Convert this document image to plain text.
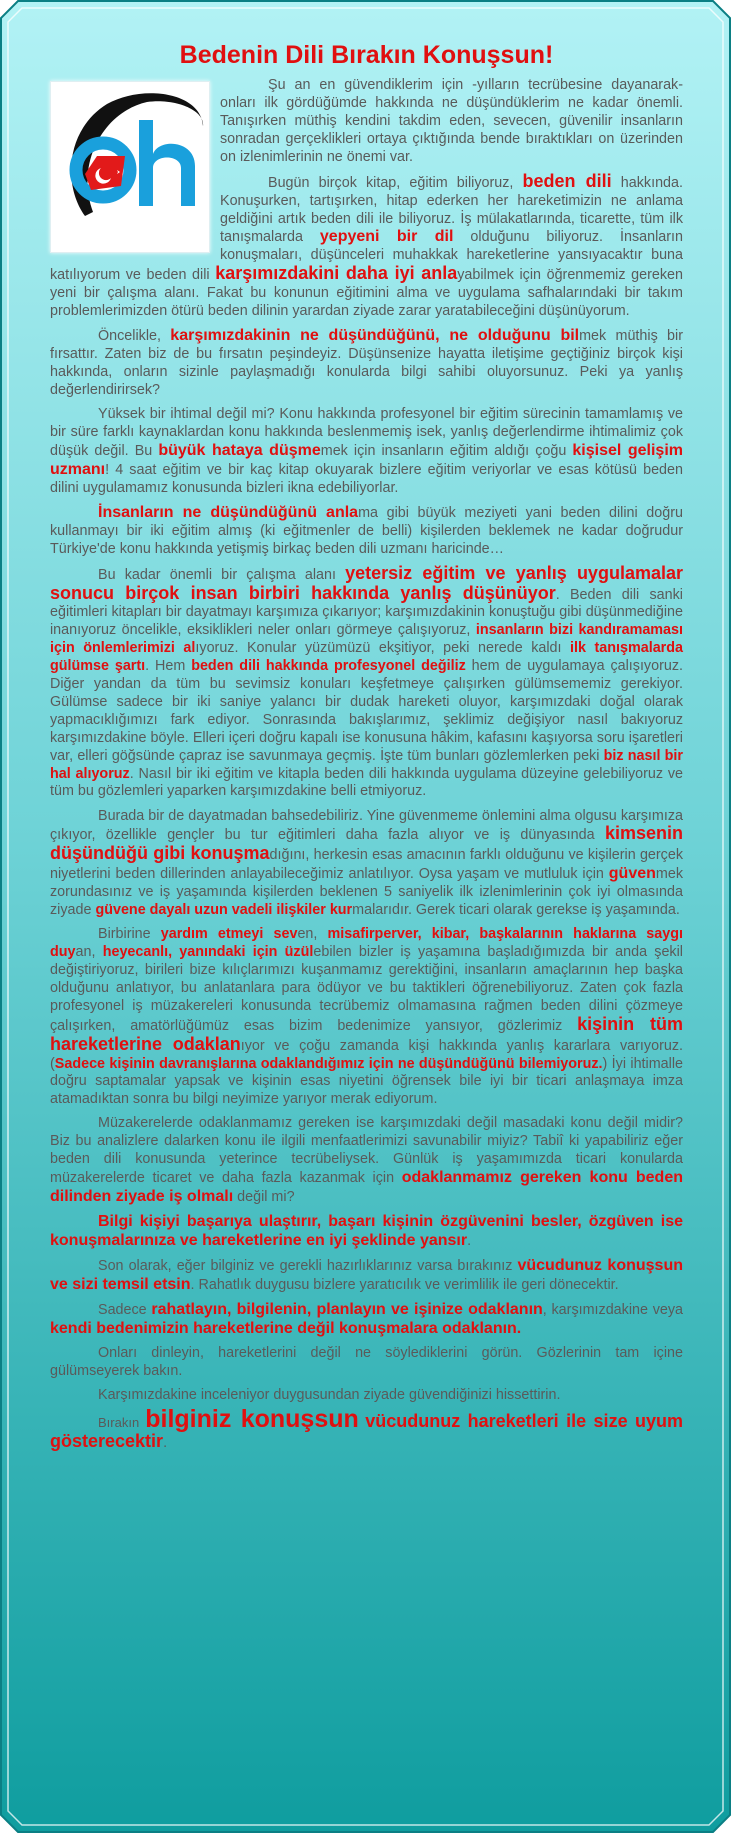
Bedenin Dili Bırakın Konuşsun!

Şu an en güvendiklerim için -yılların tecrübesine dayanarak- onları ilk gördüğümde hakkında ne düşündüklerim ne kadar önemli. Tanışırken müthiş kendini takdim eden, sevecen, güvenilir insanların sonradan gerçeklikleri ortaya çıktığında bende bıraktıkları on üzerinden on izlenimlerinin ne önemi var.

Bugün birçok kitap, eğitim biliyoruz, beden dili hakkında. Konuşurken, tartışırken, hitap ederken her hareketimizin ne anlama geldiğini artık beden dili ile biliyoruz. İş mülakatlarında, ticarette, tüm ilk tanışmalarda yepyeni bir dil olduğunu biliyoruz. İnsanların konuşmaları, düşünceleri muhakkak hareketlerine yansıyacaktır buna katılıyorum ve beden dili karşımızdakini daha iyi anlayabilmek için öğrenmemiz gereken yeni bir çalışma alanı. Fakat bu konunun eğitimini alma ve uygulama safhalarındaki bir takım problemlerimizden ötürü beden dilinin yarardan ziyade zarar yaratabileceğini düşünüyorum.

Öncelikle, karşımızdakinin ne düşündüğünü, ne olduğunu bilmek müthiş bir fırsattır. Zaten biz de bu fırsatın peşindeyiz. Düşünsenize hayatta iletişime geçtiğiniz birçok kişi hakkında, onların sizinle paylaşmadığı konularda bilgi sahibi oluyorsunuz. Peki ya yanlış değerlendirirsek?

Yüksek bir ihtimal değil mi? Konu hakkında profesyonel bir eğitim sürecinin tamamlamış ve bir süre farklı kaynaklardan konu hakkında beslenmemiş isek, yanlış değerlendirme ihtimalimiz çok düşük değil. Bu büyük hataya düşmemek için insanların eğitim aldığı çoğu kişisel gelişim uzmanı! 4 saat eğitim ve bir kaç kitap okuyarak bizlere eğitim veriyorlar ve esas kötüsü beden dilini uygulamamız konusunda bizleri ikna edebiliyorlar.

İnsanların ne düşündüğünü anlama gibi büyük meziyeti yani beden dilini doğru kullanmayı bir iki eğitim almış (ki eğitmenler de belli) kişilerden beklemek ne kadar doğrudur Türkiye'de konu hakkında yetişmiş birkaç beden dili uzmanı haricinde…

Bu kadar önemli bir çalışma alanı yetersiz eğitim ve yanlış uygulamalar sonucu birçok insan birbiri hakkında yanlış düşünüyor. Beden dili sanki eğitimleri kitapları bir dayatmayı karşımıza çıkarıyor; karşımızdakinin konuştuğu gibi düşünmediğine inanıyoruz öncelikle, eksiklikleri neler onları görmeye çalışıyoruz, insanların bizi kandıramaması için önlemlerimizi alıyoruz. Konular yüzümüzü ekşitiyor, peki nerede kaldı ilk tanışmalarda gülümse şartı. Hem beden dili hakkında profesyonel değiliz hem de uygulamaya çalışıyoruz. Diğer yandan da tüm bu sevimsiz konuları keşfetmeye çalışırken gülümsememiz gerekiyor. Gülümse sadece bir iki saniye yalancı bir dudak hareketi oluyor, karşımızdaki doğal olarak yapmacıklığımızı fark ediyor. Sonrasında bakışlarımız, şeklimiz değişiyor nasıl bakıyoruz karşımızdakine böyle. Elleri içeri doğru kapalı ise konusuna hâkim, kafasını kaşıyorsa soru işaretleri var, elleri göğsünde çapraz ise savunmaya geçmiş. İşte tüm bunları gözlemlerken peki biz nasıl bir hal alıyoruz. Nasıl bir iki eğitim ve kitapla beden dili hakkında uygulama düzeyine gelebiliyoruz ve tüm bu gözlemleri yaparken karşımızdakine belli etmiyoruz.

Burada bir de dayatmadan bahsedebiliriz. Yine güvenmeme önlemini alma olgusu karşımıza çıkıyor, özellikle gençler bu tur eğitimleri daha fazla alıyor ve iş dünyasında kimsenin düşündüğü gibi konuşmadığını, herkesin esas amacının farklı olduğunu ve kişilerin gerçek niyetlerini beden dillerinden anlayabileceğimiz anlatılıyor. Oysa yaşam ve mutluluk için güvenmek zorundasınız ve iş yaşamında kişilerden beklenen 5 saniyelik ilk izlenimlerinin çok iyi olmasında ziyade güvene dayalı uzun vadeli ilişkiler kurmalarıdır. Gerek ticari olarak gerekse iş yaşamında.

Birbirine yardım etmeyi seven, misafirperver, kibar, başkalarının haklarına saygı duyan, heyecanlı, yanındaki için üzülebilen bizler iş yaşamına başladığımızda bir anda şekil değiştiriyoruz, birileri bize kılıçlarımızı kuşanmamız gerektiğini, insanların amaçlarının hep başka olduğunu anlatıyor, bu anlatanlara para ödüyor ve bu taktikleri öğrenebiliyoruz. Zaten çok fazla profesyonel iş müzakereleri konusunda tecrübemiz olmamasına rağmen beden dilini çözmeye çalışırken, amatörlüğümüz esas bizim bedenimize yansıyor, gözlerimiz kişinin tüm hareketlerine odaklanıyor ve çoğu zamanda kişi hakkında yanlış kararlara varıyoruz. (Sadece kişinin davranışlarına odaklandığımız için ne düşündüğünü bilemiyoruz.) İyi ihtimalle doğru saptamalar yapsak ve kişinin esas niyetini öğrensek bile iyi bir ticari anlaşmaya imza atamadıktan sonra bu bilgi neyimize yarıyor merak ediyorum.

Müzakerelerde odaklanmamız gereken ise karşımızdaki değil masadaki konu değil midir? Biz bu analizlere dalarken konu ile ilgili menfaatlerimizi savunabilir miyiz? Tabiî ki yapabiliriz eğer beden dili konusunda yeterince tecrübeliysek. Günlük iş yaşamımızda ticari konularda müzakerelerde ticaret ve daha fazla kazanmak için odaklanmamız gereken konu beden dilinden ziyade iş olmalı değil mi?

Bilgi kişiyi başarıya ulaştırır, başarı kişinin özgüvenini besler, özgüven ise konuşmalarınıza ve hareketlerine en iyi şeklinde yansır.

Son olarak, eğer bilginiz ve gerekli hazırlıklarınız varsa bırakınız vücudunuz konuşsun ve sizi temsil etsin. Rahatlık duygusu bizlere yaratıcılık ve verimlilik ile geri dönecektir.

Sadece rahatlayın, bilgilenin, planlayın ve işinize odaklanın, karşımızdakine veya kendi bedenimizin hareketlerine değil konuşmalara odaklanın.

Onları dinleyin, hareketlerini değil ne söylediklerini görün. Gözlerinin tam içine gülümseyerek bakın.

Karşımızdakine inceleniyor duygusundan ziyade güvendiğinizi hissettirin.

Bırakın bilginiz konuşsun vücudunuz hareketleri ile size uyum gösterecektir.
